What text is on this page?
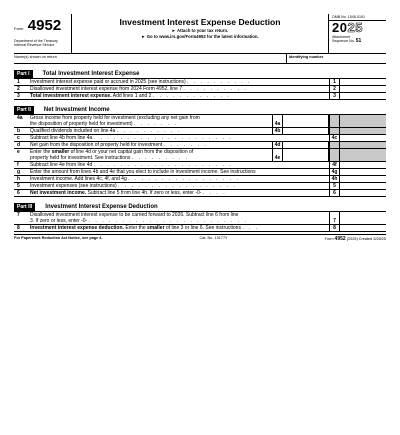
Form 4952
Department of the Treasury
Internal Revenue Service
Investment Interest Expense Deduction
► Attach to your tax return.
► Go to www.irs.gov/Form4952 for the latest information.
OMB No. 1545-0191
2025
Attachment
Sequence No. 51
Name(s) shown on return	Identifying number
Part I	Total Investment Interest Expense
1	Investment interest expense paid or accrued in 2025 (see instructions) . . . . . . . . . .	1
2	Disallowed investment interest expense from 2024 Form 4952, line 7 . . . . . . . . . .	2
3	Total investment interest expense. Add lines 1 and 2 . . . . . . . . . . . .	3
Part II	Net Investment Income
4a	Gross income from property held for investment (excluding any net gain from
the disposition of property held for investment) . . . . . . .	4a
b	Qualified dividends included on line 4a . . . . . . . . . .	4b
c	Subtract line 4b from line 4a . . . . . . . . . . . . . . . . . . . . .	4c
d	Net gain from the disposition of property held for investment . . . . . . .	4d
e	Enter the smaller of line 4d or your net capital gain from the disposition of
property held for investment. See instructions . . . . . . . . .	4e
f	Subtract line 4e from line 4d . . . . . . . . . . . . . . . . . . . . .	4f
g	Enter the amount from lines 4b and 4e that you elect to include in investment income. See instructions	4g
h	Investment income. Add lines 4c, 4f, and 4g . . . . . . . . . . . . . . . . .	4h
5	Investment expenses (see instructions) . . . . . . . . . . . . . . . . . .	5
6	Net investment income. Subtract line 5 from line 4h. If zero or less, enter -0- . . . .	6
Part III	Investment Interest Expense Deduction
7	Disallowed investment interest expense to be carried forward to 2026. Subtract line 6 from line
3. If zero or less, enter -0- . . . . . . . . . . . . . . . . . . . . . . . .	7
8	Investment interest expense deduction. Enter the smaller of line 3 or line 6. See instructions . . .	8
For Paperwork Reduction Act Notice, see page 4.	Cat. No. 13177Y	Form 4952 (2025) Created 5/28/25
